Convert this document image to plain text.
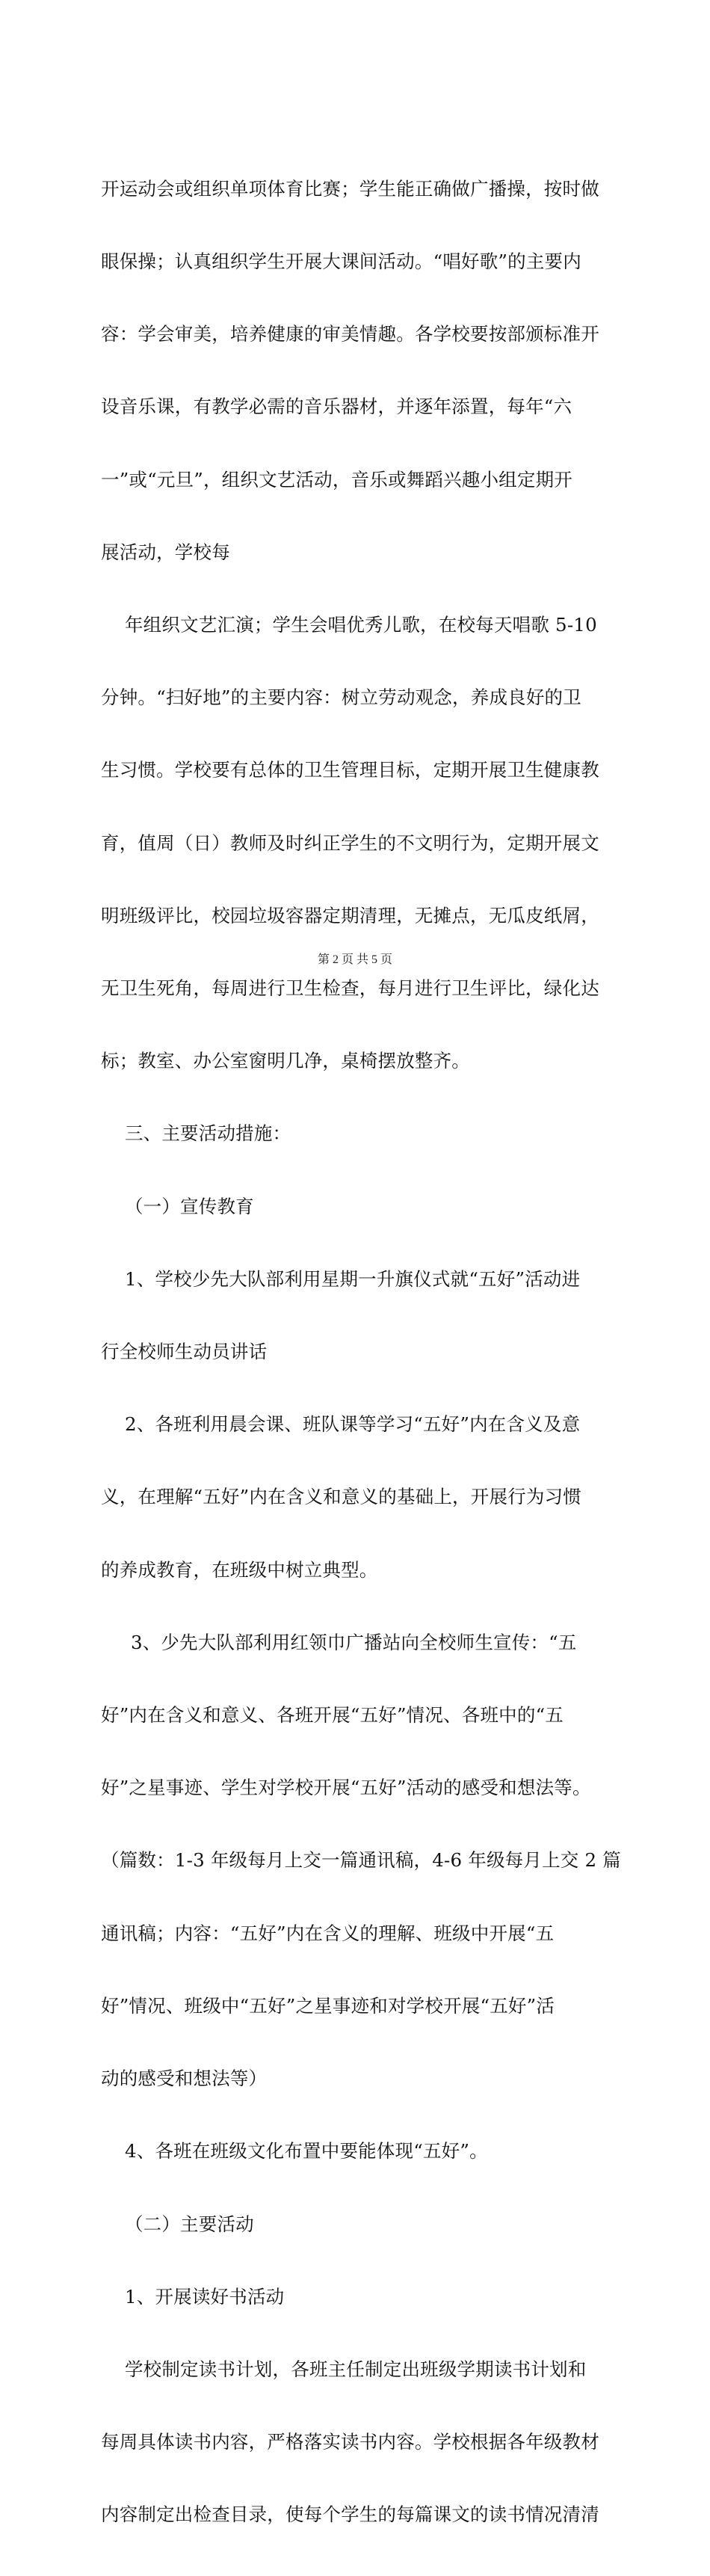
开运动会或组织单项体育比赛；学生能正确做广播操，按时做

眼保操；认真组织学生开展大课间活动。“唱好歌”的主要内

容：学会审美，培养健康的审美情趣。各学校要按部颁标准开

设音乐课，有教学必需的音乐器材，并逐年添置，每年“六

一”或“元旦”，组织文艺活动，音乐或舞蹈兴趣小组定期开

展活动，学校每

年组织文艺汇演；学生会唱优秀儿歌，在校每天唱歌 5-10

分钟。“扫好地”的主要内容：树立劳动观念，养成良好的卫

生习惯。学校要有总体的卫生管理目标，定期开展卫生健康教

育，值周（日）教师及时纠正学生的不文明行为，定期开展文

明班级评比，校园垃圾容器定期清理，无摊点，无瓜皮纸屑，

无卫生死角，每周进行卫生检查，每月进行卫生评比，绿化达

标；教室、办公室窗明几净，桌椅摆放整齐。

三、主要活动措施：

（一）宣传教育

1、学校少先大队部利用星期一升旗仪式就“五好”活动进

行全校师生动员讲话

2、各班利用晨会课、班队课等学习“五好”内在含义及意

义，在理解“五好”内在含义和意义的基础上，开展行为习惯

的养成教育，在班级中树立典型。

3、少先大队部利用红领巾广播站向全校师生宣传：“五

好”内在含义和意义、各班开展“五好”情况、各班中的“五

好”之星事迹、学生对学校开展“五好”活动的感受和想法等。

（篇数：1-3 年级每月上交一篇通讯稿，4-6 年级每月上交 2 篇

通讯稿；内容：“五好”内在含义的理解、班级中开展“五

好”情况、班级中“五好”之星事迹和对学校开展“五好”活

动的感受和想法等）

4、各班在班级文化布置中要能体现“五好”。

（二）主要活动

1、开展读好书活动

学校制定读书计划，各班主任制定出班级学期读书计划和

每周具体读书内容，严格落实读书内容。学校根据各年级教材

内容制定出检查目录，使每个学生的每篇课文的读书情况清清

第 2 页 共 5 页
